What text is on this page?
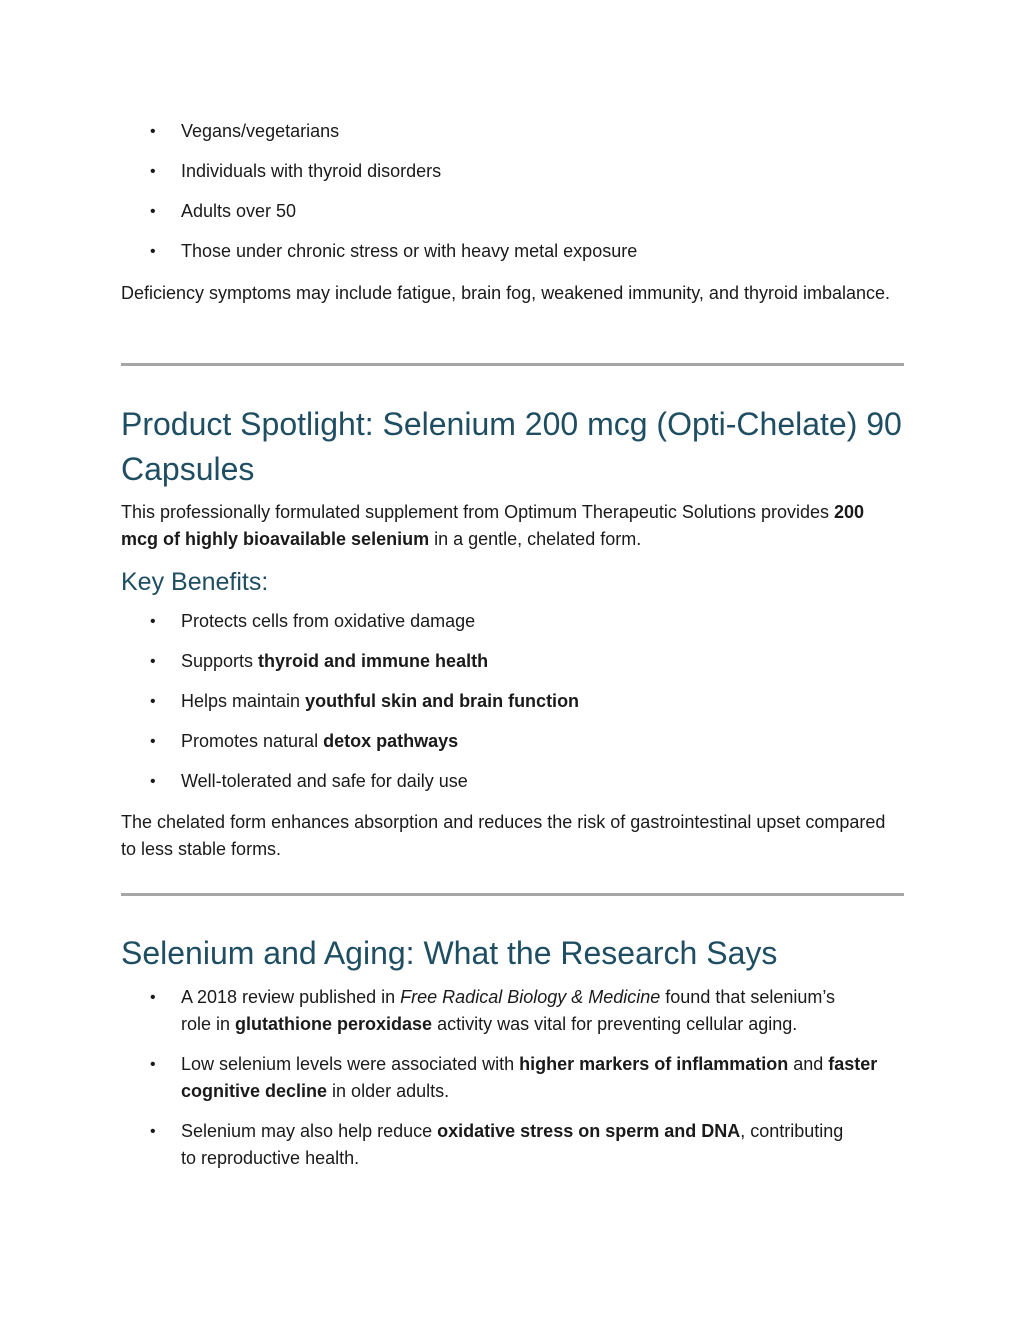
• Vegans/vegetarians
• Individuals with thyroid disorders
• Adults over 50
• Those under chronic stress or with heavy metal exposure

Deficiency symptoms may include fatigue, brain fog, weakened immunity, and thyroid imbalance.

Product Spotlight: Selenium 200 mcg (Opti-Chelate) 90 Capsules

This professionally formulated supplement from Optimum Therapeutic Solutions provides 200 mcg of highly bioavailable selenium in a gentle, chelated form.

Key Benefits:
• Protects cells from oxidative damage
• Supports thyroid and immune health
• Helps maintain youthful skin and brain function
• Promotes natural detox pathways
• Well-tolerated and safe for daily use

The chelated form enhances absorption and reduces the risk of gastrointestinal upset compared to less stable forms.

Selenium and Aging: What the Research Says
• A 2018 review published in Free Radical Biology & Medicine found that selenium’s role in glutathione peroxidase activity was vital for preventing cellular aging.
• Low selenium levels were associated with higher markers of inflammation and faster cognitive decline in older adults.
• Selenium may also help reduce oxidative stress on sperm and DNA, contributing to reproductive health.
